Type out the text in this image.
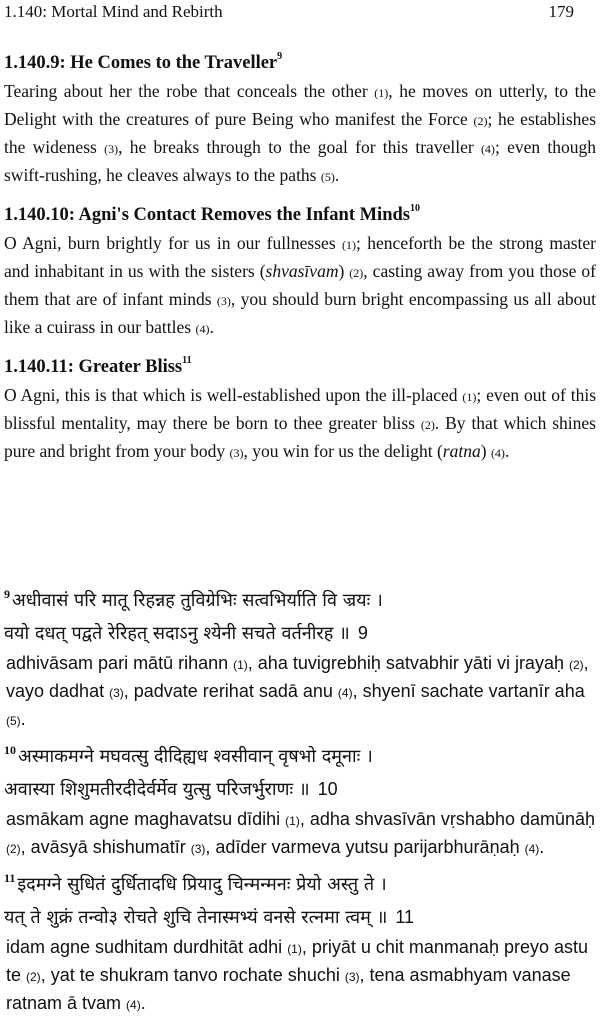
1.140: Mortal Mind and Rebirth	179
1.140.9: He Comes to the Traveller$^9$

Tearing about her the robe that conceals the other (1), he moves on utterly, to the Delight with the creatures of pure Being who manifest the Force (2); he establishes the wideness (3), he breaks through to the goal for this traveller (4); even though swift-rushing, he cleaves always to the paths (5).

1.140.10: Agni's Contact Removes the Infant Minds$^{10}$

O Agni, burn brightly for us in our fullnesses (1); henceforth be the strong master and inhabitant in us with the sisters (shvasīvam) (2), casting away from you those of them that are of infant minds (3), you should burn bright encompassing us all about like a cuirass in our battles (4).

1.140.11: Greater Bliss$^{11}$

O Agni, this is that which is well-established upon the ill-placed (1); even out of this blissful mentality, may there be born to thee greater bliss (2). By that which shines pure and bright from your body (3), you win for us the delight (ratna) (4).

$^9$ अधीवासं परि मातू रिहन्नह तुविग्रेभिः सत्वभिर्याति वि ज्रयः ।
वयो दधत् पद्वते रेरिहत् सदाऽनु श्येनी सचते वर्तनीरह ॥ 9
adhivāsam pari mātū rihann (1), aha tuvigrebhiḥ satvabhir yāti vi jrayaḥ (2), vayo dadhat (3), padvate rerihat sadā anu (4), shyenī sachate vartanīr aha (5).
$^{10}$ अस्माकमग्ने मघवत्सु दीदिह्यध श्वसीवान् वृषभो दमूनाः ।
अवास्या शिशुमतीरदीदेर्वर्मेव युत्सु परिजर्भुराणः ॥ 10
asmākam agne maghavatsu dīdihi (1), adha shvasīvān vṛshabho damūnāḥ (2), avāsyā shishumatīr (3), adīder varmeva yutsu parijarbhurāṇaḥ (4).
$^{11}$ इदमग्ने सुधितं दुर्धितादधि प्रियादु चिन्मन्मनः प्रेयो अस्तु ते ।
यत् ते शुक्रं तन्वो३ रोचते शुचि तेनास्मभ्यं वनसे रत्नमा त्वम् ॥ 11
idam agne sudhitam durdhitāt adhi (1), priyāt u chit manmanaḥ preyo astu te (2), yat te shukram tanvo rochate shuchi (3), tena asmabhyam vanase ratnam ā tvam (4).
